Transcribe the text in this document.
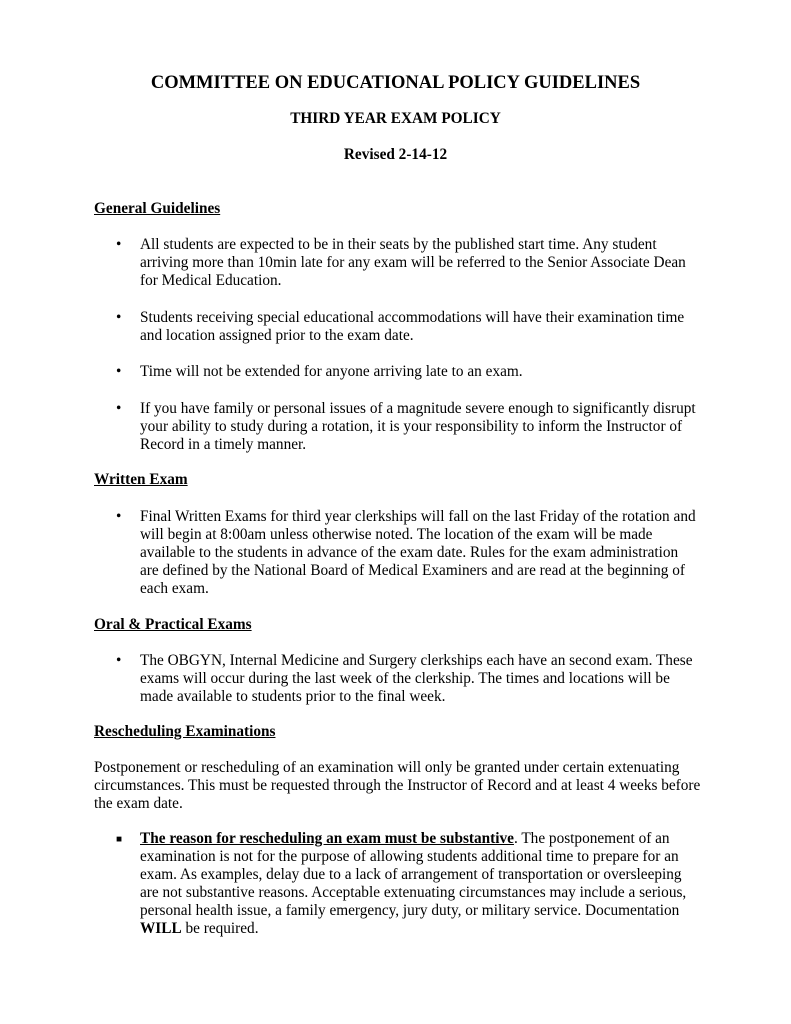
COMMITTEE ON EDUCATIONAL POLICY GUIDELINES
THIRD YEAR EXAM POLICY
Revised 2-14-12
General Guidelines
•	All students are expected to be in their seats by the published start time. Any student arriving more than 10min late for any exam will be referred to the Senior Associate Dean for Medical Education.

•	Students receiving special educational accommodations will have their examination time and location assigned prior to the exam date.

•	Time will not be extended for anyone arriving late to an exam.

•	If you have family or personal issues of a magnitude severe enough to significantly disrupt your ability to study during a rotation, it is your responsibility to inform the Instructor of Record in a timely manner.

Written Exam
•	Final Written Exams for third year clerkships will fall on the last Friday of the rotation and will begin at 8:00am unless otherwise noted. The location of the exam will be made available to the students in advance of the exam date. Rules for the exam administration are defined by the National Board of Medical Examiners and are read at the beginning of each exam.

Oral & Practical Exams
•	The OBGYN, Internal Medicine and Surgery clerkships each have an second exam. These exams will occur during the last week of the clerkship. The times and locations will be made available to students prior to the final week.

Rescheduling Examinations

Postponement or rescheduling of an examination will only be granted under certain extenuating circumstances. This must be requested through the Instructor of Record and at least 4 weeks before the exam date.

■ The reason for rescheduling an exam must be substantive. The postponement of an examination is not for the purpose of allowing students additional time to prepare for an exam. As examples, delay due to a lack of arrangement of transportation or oversleeping are not substantive reasons. Acceptable extenuating circumstances may include a serious, personal health issue, a family emergency, jury duty, or military service. Documentation WILL be required.
